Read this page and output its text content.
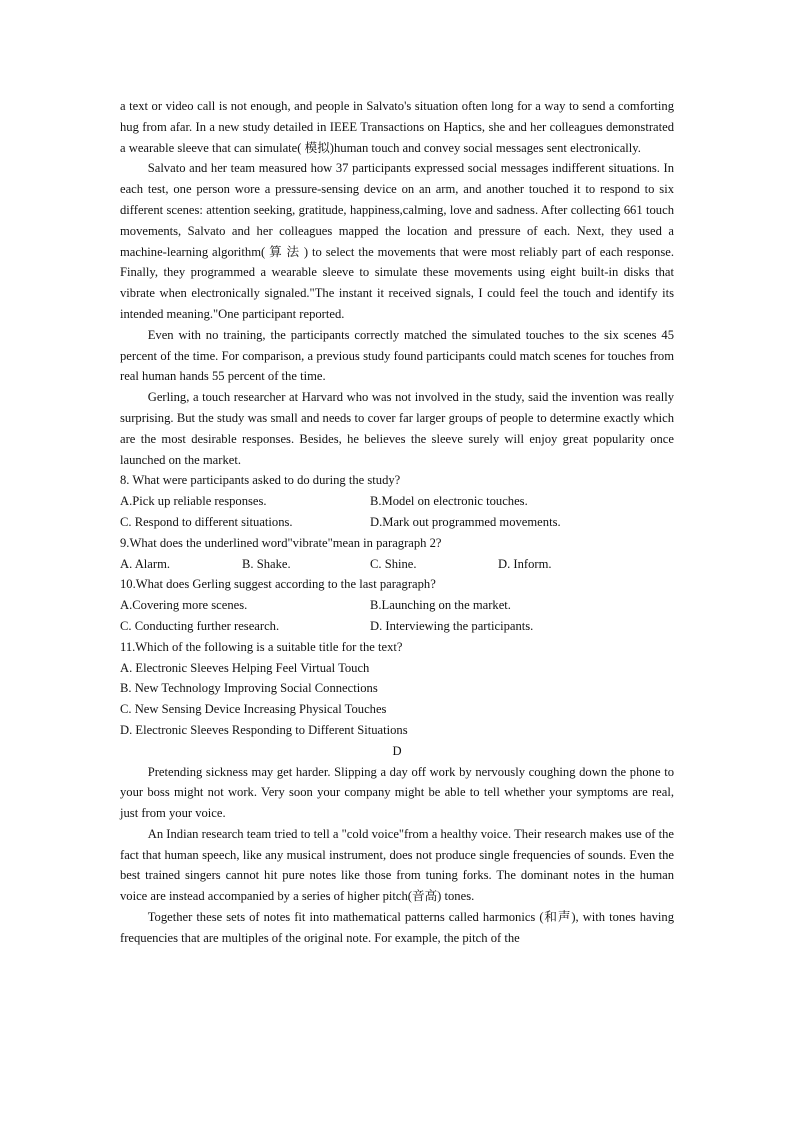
a text or video call is not enough, and people in Salvato's situation often long for a way to send a comforting hug from afar. In a new study detailed in IEEE Transactions on Haptics, she and her colleagues demonstrated a wearable sleeve that can simulate( 模拟)human touch and convey social messages sent electronically.

Salvato and her team measured how 37 participants expressed social messages indifferent situations. In each test, one person wore a pressure-sensing device on an arm, and another touched it to respond to six different scenes: attention seeking, gratitude, happiness,calming, love and sadness. After collecting 661 touch movements, Salvato and her colleagues mapped the location and pressure of each. Next, they used a machine-learning algorithm( 算 法 ) to select the movements that were most reliably part of each response. Finally, they programmed a wearable sleeve to simulate these movements using eight built-in disks that vibrate when electronically signaled."The instant it received signals, I could feel the touch and identify its intended meaning."One participant reported.

Even with no training, the participants correctly matched the simulated touches to the six scenes 45 percent of the time. For comparison, a previous study found participants could match scenes for touches from real human hands 55 percent of the time.

Gerling, a touch researcher at Harvard who was not involved in the study, said the invention was really surprising. But the study was small and needs to cover far larger groups of people to determine exactly which are the most desirable responses. Besides, he believes the sleeve surely will enjoy great popularity once launched on the market.

8. What were participants asked to do during the study?

A.Pick up reliable responses.	B.Model on electronic touches.
C. Respond to different situations.	D.Mark out programmed movements.

9.What does the underlined word"vibrate"mean in paragraph 2?

A. Alarm.	B. Shake.	C. Shine.	D. Inform.

10.What does Gerling suggest according to the last paragraph?

A.Covering more scenes.	B.Launching on the market.
C. Conducting further research.	D. Interviewing the participants.

11.Which of the following is a suitable title for the text?

A. Electronic Sleeves Helping Feel Virtual Touch

B. New Technology Improving Social Connections

C. New Sensing Device Increasing Physical Touches

D. Electronic Sleeves Responding to Different Situations

D

Pretending sickness may get harder. Slipping a day off work by nervously coughing down the phone to your boss might not work. Very soon your company might be able to tell whether your symptoms are real, just from your voice.

An Indian research team tried to tell a "cold voice"from a healthy voice. Their research makes use of the fact that human speech, like any musical instrument, does not produce single frequencies of sounds. Even the best trained singers cannot hit pure notes like those from tuning forks. The dominant notes in the human voice are instead accompanied by a series of higher pitch(音高) tones.

Together these sets of notes fit into mathematical patterns called harmonics (和声), with tones having frequencies that are multiples of the original note. For example, the pitch of the
